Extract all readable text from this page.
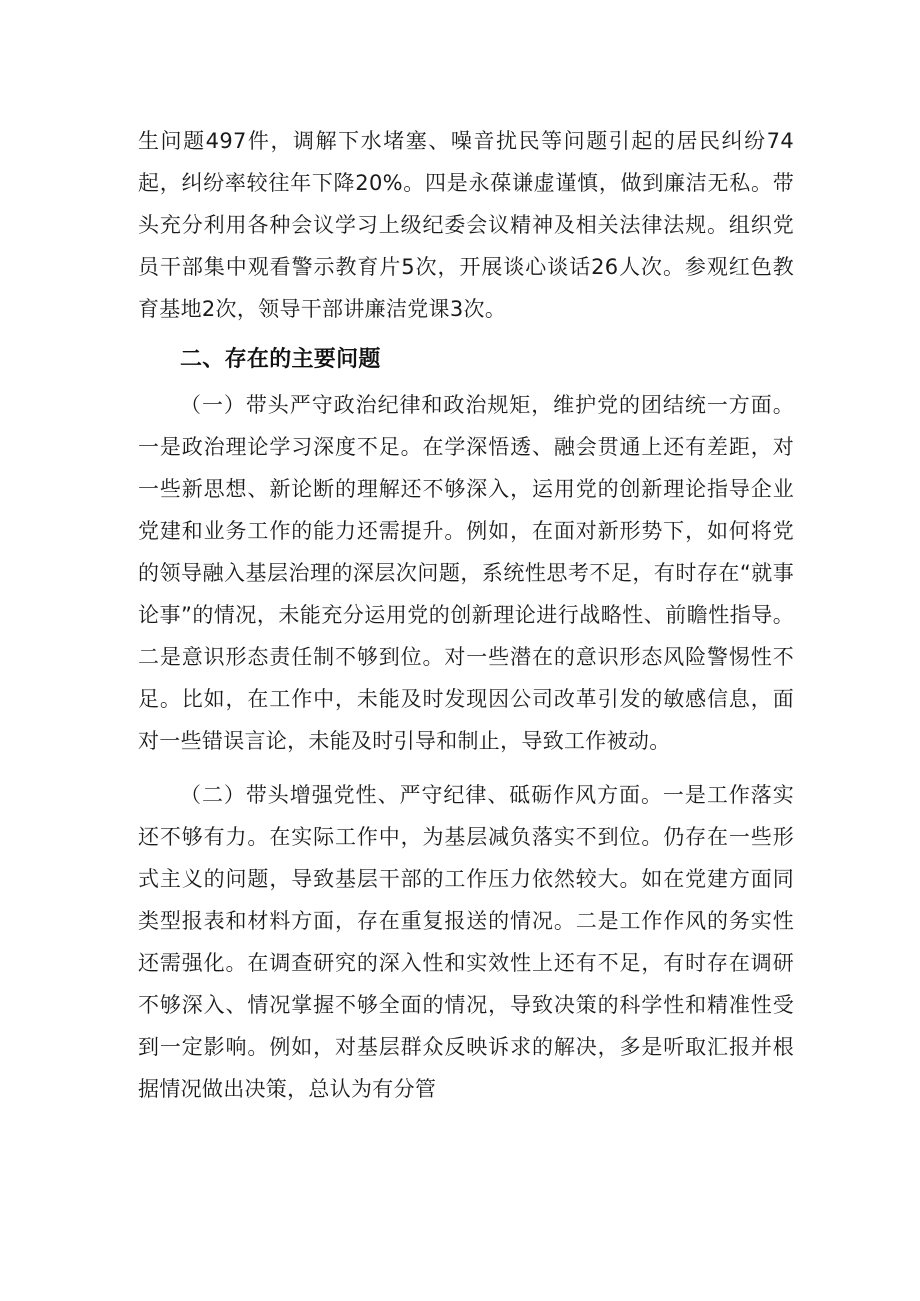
生问题497件，调解下水堵塞、噪音扰民等问题引起的居民纠纷74起，纠纷率较往年下降20%。四是永葆谦虚谨慎，做到廉洁无私。带头充分利用各种会议学习上级纪委会议精神及相关法律法规。组织党员干部集中观看警示教育片5次，开展谈心谈话26人次。参观红色教育基地2次，领导干部讲廉洁党课3次。

二、存在的主要问题

（一）带头严守政治纪律和政治规矩，维护党的团结统一方面。一是政治理论学习深度不足。在学深悟透、融会贯通上还有差距，对一些新思想、新论断的理解还不够深入，运用党的创新理论指导企业党建和业务工作的能力还需提升。例如，在面对新形势下，如何将党的领导融入基层治理的深层次问题，系统性思考不足，有时存在“就事论事”的情况，未能充分运用党的创新理论进行战略性、前瞻性指导。二是意识形态责任制不够到位。对一些潜在的意识形态风险警惕性不足。比如，在工作中，未能及时发现因公司改革引发的敏感信息，面对一些错误言论，未能及时引导和制止，导致工作被动。

（二）带头增强党性、严守纪律、砥砺作风方面。一是工作落实还不够有力。在实际工作中，为基层减负落实不到位。仍存在一些形式主义的问题，导致基层干部的工作压力依然较大。如在党建方面同类型报表和材料方面，存在重复报送的情况。二是工作作风的务实性还需强化。在调查研究的深入性和实效性上还有不足，有时存在调研不够深入、情况掌握不够全面的情况，导致决策的科学性和精准性受到一定影响。例如，对基层群众反映诉求的解决，多是听取汇报并根据情况做出决策，总认为有分管
